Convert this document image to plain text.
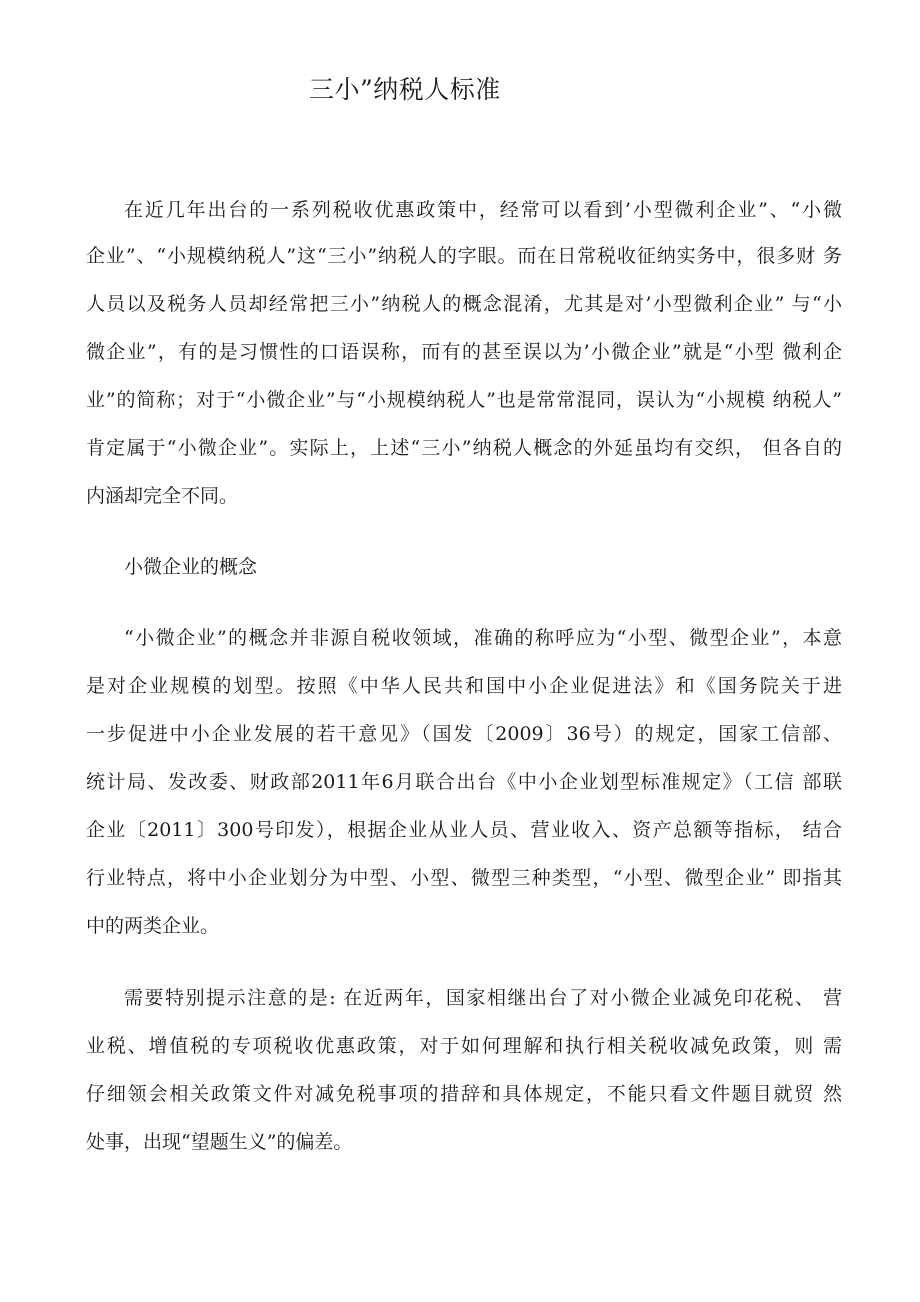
三小”纳税人标准
在近几年出台的一系列税收优惠政策中，经常可以看到’小型微利企业”、“小微
企业”、“小规模纳税人”这“三小”纳税人的字眼。而在日常税收征纳实务中，很多财 务
人员以及税务人员却经常把三小”纳税人的概念混淆，尤其是对’小型微利企业” 与“小
微企业”，有的是习惯性的口语误称，而有的甚至误以为’小微企业”就是“小型 微利企
业”的简称；对于“小微企业”与“小规模纳税人”也是常常混同，误认为“小规模 纳税人”
肯定属于“小微企业”。实际上，上述“三小”纳税人概念的外延虽均有交织， 但各自的
内涵却完全不同。
小微企业的概念
“小微企业”的概念并非源自税收领域，准确的称呼应为“小型、微型企业”，本意
是对企业规模的划型。按照《中华人民共和国中小企业促进法》和《国务院关于进
一步促进中小企业发展的若干意见》（国发〔2009〕36号）的规定，国家工信部、
统计局、发改委、财政部2011年6月联合出台《中小企业划型标准规定》（工信 部联
企业〔2011〕300号印发），根据企业从业人员、营业收入、资产总额等指标， 结合
行业特点，将中小企业划分为中型、小型、微型三种类型，“小型、微型企业” 即指其
中的两类企业。
需要特别提示注意的是: 在近两年，国家相继出台了对小微企业减免印花税、 营
业税、增值税的专项税收优惠政策，对于如何理解和执行相关税收减免政策，则 需
仔细领会相关政策文件对减免税事项的措辞和具体规定，不能只看文件题目就贸 然
处事，出现“望题生义”的偏差。
